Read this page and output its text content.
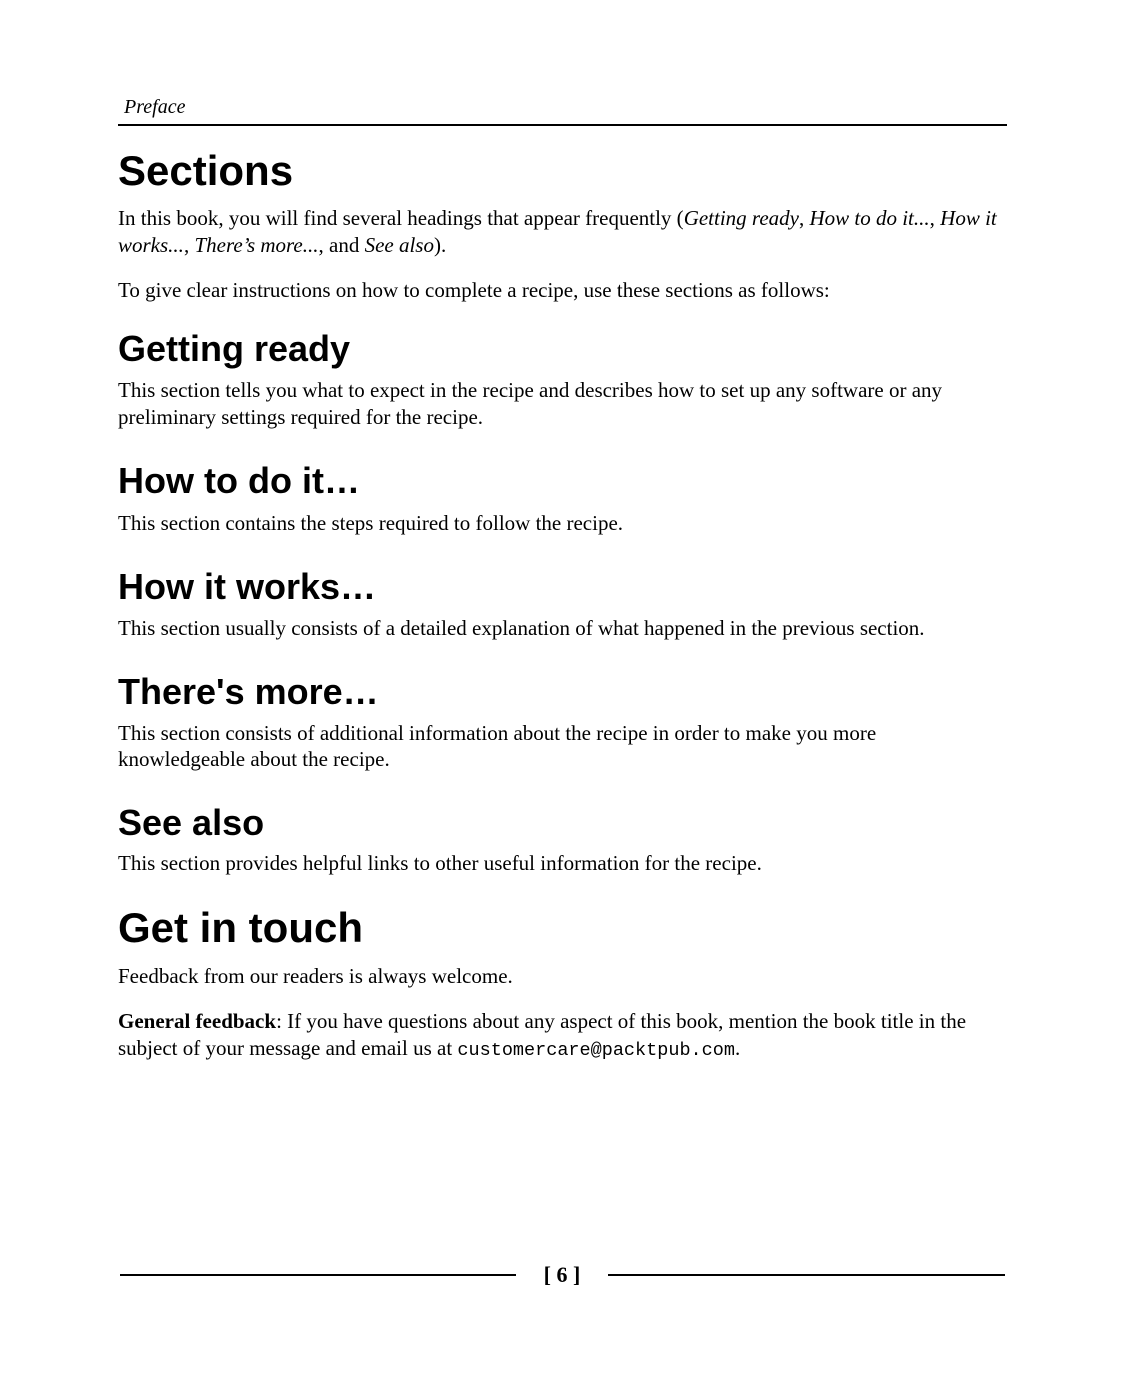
Preface
Sections

In this book, you will find several headings that appear frequently (Getting ready, How to do it..., How it works..., There’s more..., and See also).

To give clear instructions on how to complete a recipe, use these sections as follows:

Getting ready

This section tells you what to expect in the recipe and describes how to set up any software or any preliminary settings required for the recipe.

How to do it…

This section contains the steps required to follow the recipe.

How it works…

This section usually consists of a detailed explanation of what happened in the previous section.

There's more…

This section consists of additional information about the recipe in order to make you more knowledgeable about the recipe.

See also

This section provides helpful links to other useful information for the recipe.

Get in touch

Feedback from our readers is always welcome.

General feedback: If you have questions about any aspect of this book, mention the book title in the subject of your message and email us at customercare@packtpub.com.

[ 6 ]
